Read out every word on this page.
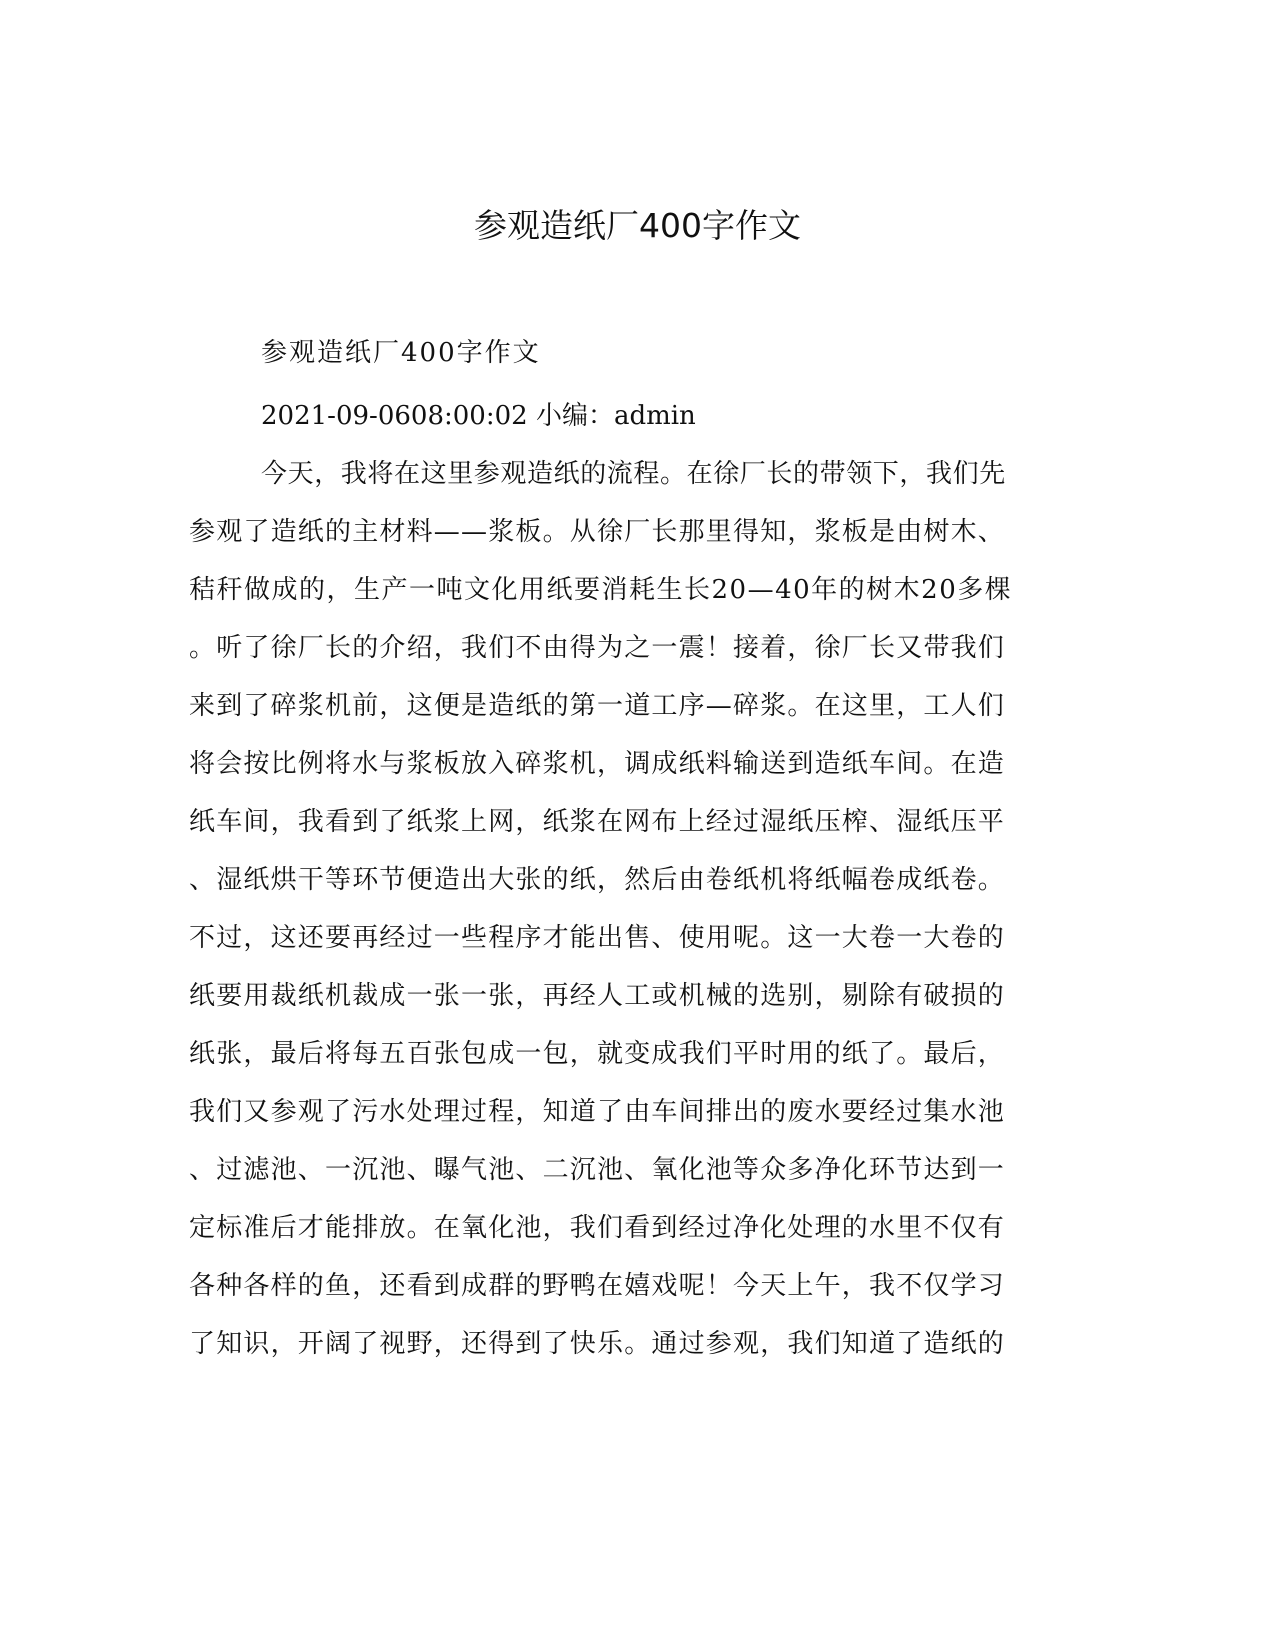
参观造纸厂400字作文

参观造纸厂400字作文

2021-09-0608:00:02 小编：admin

今天，我将在这里参观造纸的流程。在徐厂长的带领下，我们先

参观了造纸的主材料——浆板。从徐厂长那里得知，浆板是由树木、

秸秆做成的，生产一吨文化用纸要消耗生长20—40年的树木20多棵

。听了徐厂长的介绍，我们不由得为之一震！接着，徐厂长又带我们

来到了碎浆机前，这便是造纸的第一道工序—碎浆。在这里，工人们

将会按比例将水与浆板放入碎浆机，调成纸料输送到造纸车间。在造

纸车间，我看到了纸浆上网，纸浆在网布上经过湿纸压榨、湿纸压平

、湿纸烘干等环节便造出大张的纸，然后由卷纸机将纸幅卷成纸卷。

不过，这还要再经过一些程序才能出售、使用呢。这一大卷一大卷的

纸要用裁纸机裁成一张一张，再经人工或机械的选别，剔除有破损的

纸张，最后将每五百张包成一包，就变成我们平时用的纸了。最后，

我们又参观了污水处理过程，知道了由车间排出的废水要经过集水池

、过滤池、一沉池、曝气池、二沉池、氧化池等众多净化环节达到一

定标准后才能排放。在氧化池，我们看到经过净化处理的水里不仅有

各种各样的鱼，还看到成群的野鸭在嬉戏呢！今天上午，我不仅学习

了知识，开阔了视野，还得到了快乐。通过参观，我们知道了造纸的
